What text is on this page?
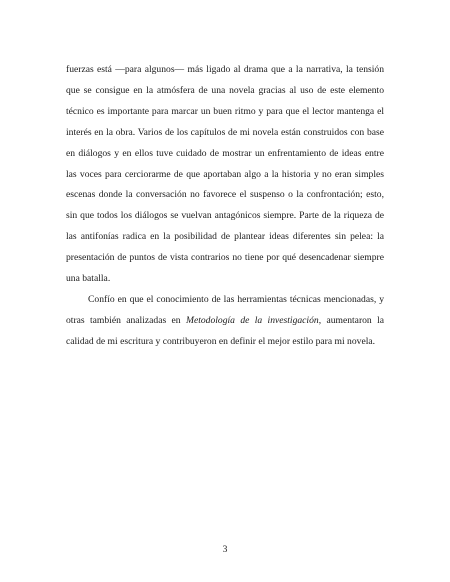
fuerzas está —para algunos— más ligado al drama que a la narrativa, la tensión que se consigue en la atmósfera de una novela gracias al uso de este elemento técnico es importante para marcar un buen ritmo y para que el lector mantenga el interés en la obra. Varios de los capítulos de mi novela están construidos con base en diálogos y en ellos tuve cuidado de mostrar un enfrentamiento de ideas entre las voces para cerciorarme de que aportaban algo a la historia y no eran simples escenas donde la conversación no favorece el suspenso o la confrontación; esto, sin que todos los diálogos se vuelvan antagónicos siempre. Parte de la riqueza de las antifonías radica en la posibilidad de plantear ideas diferentes sin pelea: la presentación de puntos de vista contrarios no tiene por qué desencadenar siempre una batalla.

Confío en que el conocimiento de las herramientas técnicas mencionadas, y otras también analizadas en Metodología de la investigación, aumentaron la calidad de mi escritura y contribuyeron en definir el mejor estilo para mi novela.

3
